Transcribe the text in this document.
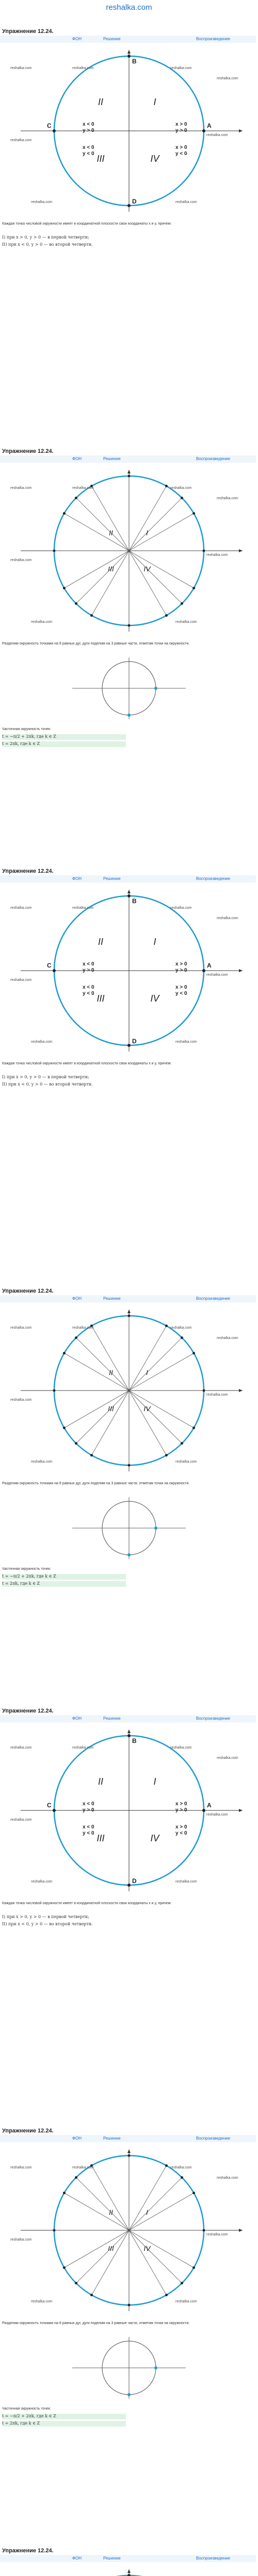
reshalka.com
Упражнение 12.24.
ФОН	Решение	Воспроизведение
I
II
III	IV
x > 0
y > 0
x < 0
y > 0
x < 0
y < 0
x > 0
y < 0
A
B
C
D
reshalka.com	reshalka.com	reshalka.com
reshalka.com
reshalka.com
reshalka.com
reshalka.com	reshalka.com
Каждая точка числовой окружности имеет в координатной плоскости свои координаты x и y, причем:
I) при x > 0, y > 0 — в первой четверти;
II) при x < 0, y > 0 — во второй четверти.
Упражнение 12.24.
ФОН	Решение	Воспроизведение
I
II
III	IV
reshalka.com	reshalka.com	reshalka.com
reshalka.com
reshalka.com
reshalka.com
reshalka.com	reshalka.com
Разделим окружность точками на 8 равных дуг, дуги поделим на 3 равные части, отметим точки на окружности.
Частичная окружность точек:
t = −π/2 + 2πk, где k ∈ Z
t = 2πk, где k ∈ Z
Упражнение 12.24.
ФОН	Решение	Воспроизведение
I
II
III	IV
x > 0
y > 0
x < 0
y > 0
x < 0
y < 0
x > 0
y < 0
A
B
C
D
reshalka.com	reshalka.com	reshalka.com
reshalka.com
reshalka.com
reshalka.com
reshalka.com	reshalka.com
Каждая точка числовой окружности имеет в координатной плоскости свои координаты x и y, причем:
I) при x > 0, y > 0 — в первой четверти;
II) при x < 0, y > 0 — во второй четверти.
Упражнение 12.24.
ФОН	Решение	Воспроизведение
I
II
III	IV
reshalka.com	reshalka.com	reshalka.com
reshalka.com
reshalka.com
reshalka.com
reshalka.com	reshalka.com
Разделим окружность точками на 8 равных дуг, дуги поделим на 3 равные части, отметим точки на окружности.
Частичная окружность точек:
t = −π/2 + 2πk, где k ∈ Z
t = 2πk, где k ∈ Z
Упражнение 12.24.
ФОН	Решение	Воспроизведение
I
II
III	IV
x > 0
y > 0
x < 0
y > 0
x < 0
y < 0
x > 0
y < 0
A
B
C
D
reshalka.com	reshalka.com	reshalka.com
reshalka.com
reshalka.com
reshalka.com
reshalka.com	reshalka.com
Каждая точка числовой окружности имеет в координатной плоскости свои координаты x и y, причем:
I) при x > 0, y > 0 — в первой четверти;
II) при x < 0, y > 0 — во второй четверти.
Упражнение 12.24.
ФОН	Решение	Воспроизведение
I
II
III	IV
reshalka.com	reshalka.com	reshalka.com
reshalka.com
reshalka.com
reshalka.com
reshalka.com	reshalka.com
Разделим окружность точками на 8 равных дуг, дуги поделим на 3 равные части, отметим точки на окружности.
Частичная окружность точек:
t = −π/2 + 2πk, где k ∈ Z
t = 2πk, где k ∈ Z
Упражнение 12.24.
ФОН	Решение	Воспроизведение
